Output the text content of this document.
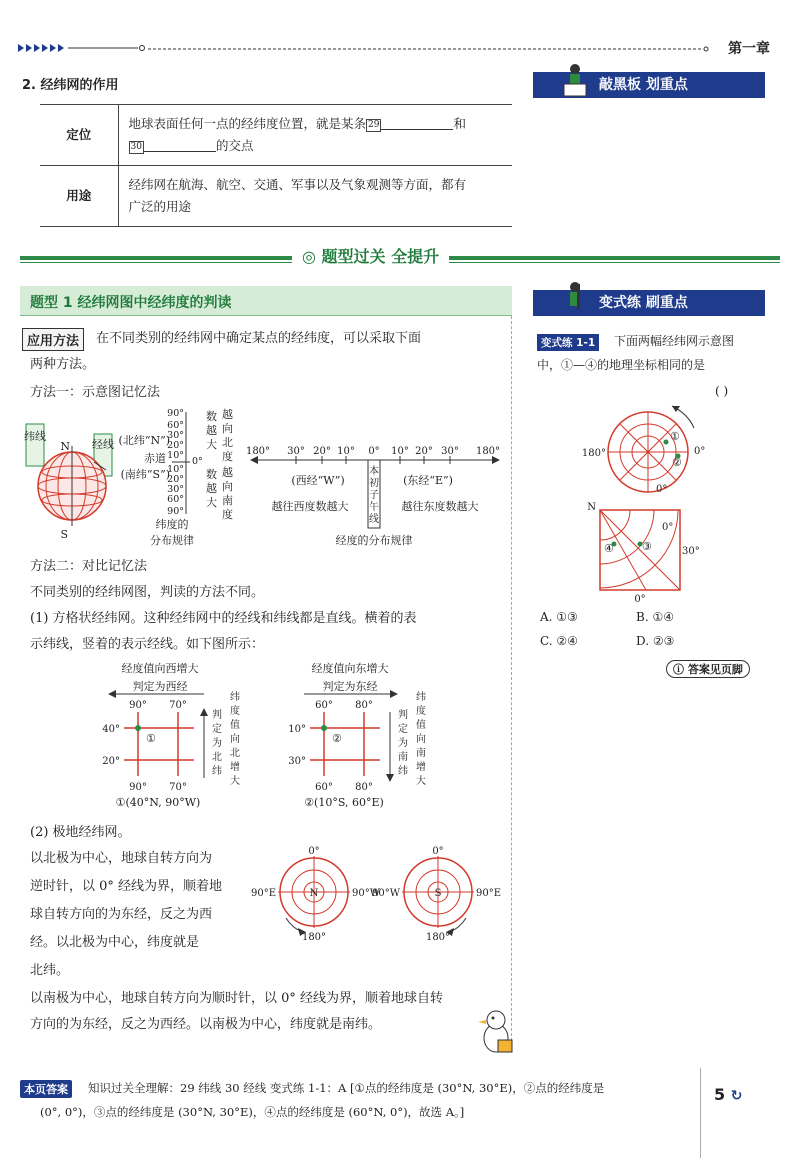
第一章
2. 经纬网的作用
定位	地球表面任何一点的经纬度位置，就是某条 29 和
30 的交点
用途	经纬网在航海、航空、交通、军事以及气象观测等方面，都有
广泛的用途
敲黑板 划重点
◎ 题型过关 全提升
题型 1 经纬网图中经纬度的判读
应用方法	在不同类别的经纬网中确定某点的经纬度，可以采取下面
两种方法。
方法一：示意图记忆法
纬线
经线
N
S
(北纬“N”)
赤道
(南纬“S”)
90°
60°
30°
20°
10°
0°
10°
20°
30°
60°
90°
数
越
大
越
向
北
度
数
越
大
越
向
南
度
纬度的
分布规律
180° 30° 20° 10° 0° 10° 20° 30° 180°
本
初
子
午
线
(西经“W”)	(东经“E”)
越往西度数越大	越往东度数越大
经度的分布规律
方法二：对比记忆法
不同类别的经纬网图，判读的方法不同。
(1) 方格状经纬网。这种经纬网中的经线和纬线都是直线。横着的表
示纬线，竖着的表示经线。如下图所示：
经度值向西增大
判定为西经
90° 70°
40°
20°
①
90° 70°
判
定
为
北
纬
纬
度
值
向
北
增
大
①(40°N, 90°W)
经度值向东增大
判定为东经
60° 80°
10°
30°
②
60° 80°
判
定
为
南
纬
纬
度
值
向
南
增
大
②(10°S, 60°E)
(2) 极地经纬网。
以北极为中心，地球自转方向为
逆时针，以 0° 经线为界，顺着地
球自转方向的为东经，反之为西
经。以北极为中心，纬度就是
北纬。
0°
90°E	90°W
180°
N
0°
90°W	90°E
180°
S
以南极为中心，地球自转方向为顺时针，以 0° 经线为界，顺着地球自转
方向的为东经，反之为西经。以南极为中心，纬度就是南纬。
变式练 刷重点
变式练 1-1	下面两幅经纬网示意图
中，①—④的地理坐标相同的是
( )
①
②
180°	0°
0°
N
0°
30°
0°
③
④
A. ①③	B. ①④
C. ②④	D. ②③
ⓘ 答案见页脚
本页答案	知识过关全理解：29 纬线 30 经线 变式练 1-1：A [①点的经纬度是 (30°N, 30°E)，②点的经纬度是
(0°, 0°)，③点的经纬度是 (30°N, 30°E)，④点的经纬度是 (60°N, 0°)，故选 A。]
5 ↻
